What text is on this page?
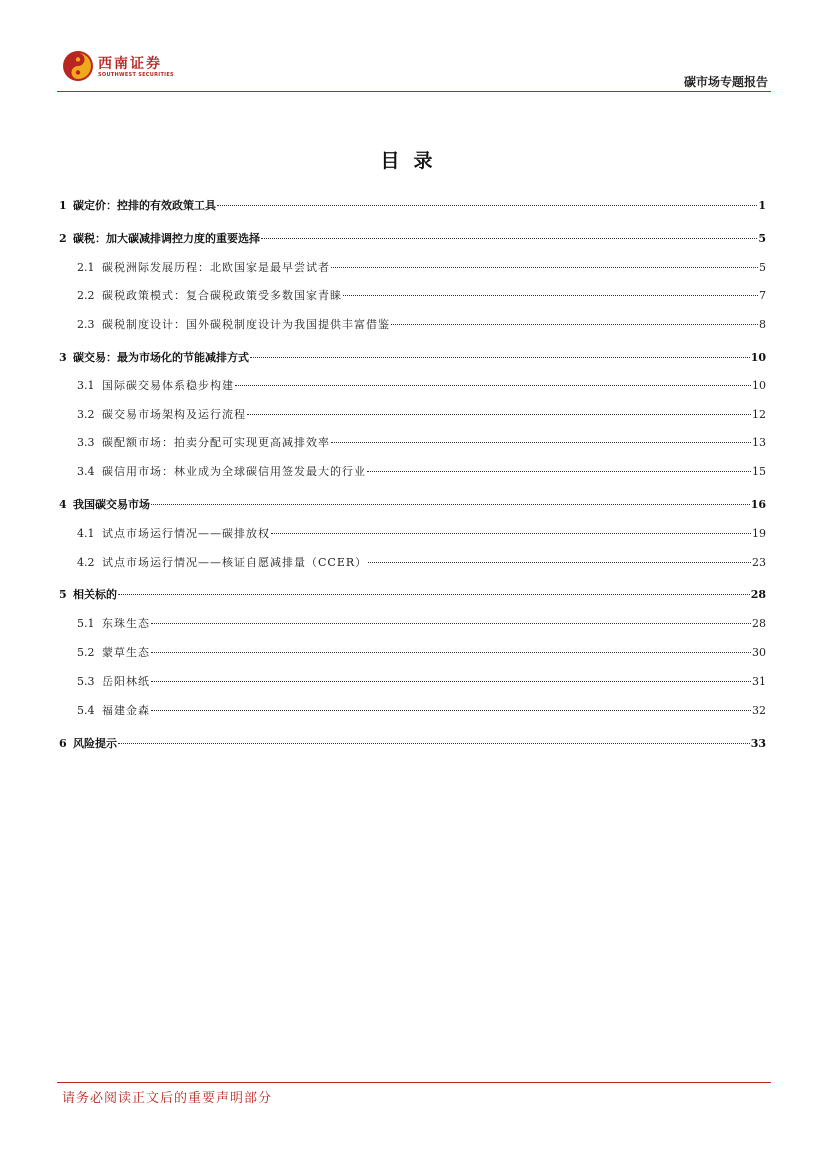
西南证券
SOUTHWEST SECURITIES	碳市场专题报告
目录
1 碳定价：控排的有效政策工具	1
2 碳税：加大碳减排调控力度的重要选择	5
2.1 碳税洲际发展历程：北欧国家是最早尝试者	5
2.2 碳税政策模式：复合碳税政策受多数国家青睐	7
2.3 碳税制度设计：国外碳税制度设计为我国提供丰富借鉴	8
3 碳交易：最为市场化的节能减排方式	10
3.1 国际碳交易体系稳步构建	10
3.2 碳交易市场架构及运行流程	12
3.3 碳配额市场：拍卖分配可实现更高减排效率	13
3.4 碳信用市场：林业成为全球碳信用签发最大的行业	15
4 我国碳交易市场	16
4.1 试点市场运行情况——碳排放权	19
4.2 试点市场运行情况——核证自愿减排量（CCER）	23
5 相关标的	28
5.1 东珠生态	28
5.2 蒙草生态	30
5.3 岳阳林纸	31
5.4 福建金森	32
6 风险提示	33
请务必阅读正文后的重要声明部分
